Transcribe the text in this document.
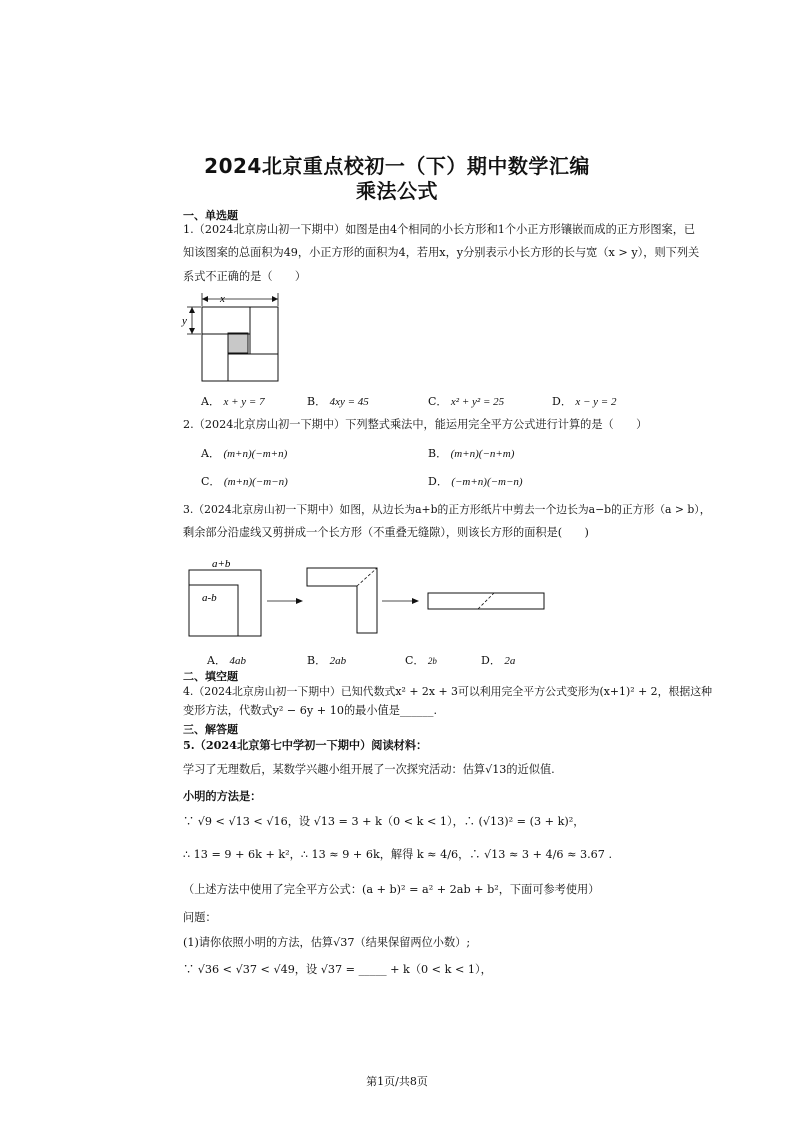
2024北京重点校初一（下）期中数学汇编
乘法公式
一、单选题
1.（2024北京房山初一下期中）如图是由4个相同的小长方形和1个小正方形镶嵌而成的正方形图案，已
知该图案的总面积为49，小正方形的面积为4，若用x，y分别表示小长方形的长与宽（x > y），则下列关
系式不正确的是（　　）
x
y
A． x + y = 7	B． 4xy = 45	C． x² + y² = 25	D． x − y = 2
2.（2024北京房山初一下期中）下列整式乘法中，能运用完全平方公式进行计算的是（　　）
A． (m+n)(−m+n)	B． (m+n)(−n+m)
C． (m+n)(−m−n)	D． (−m+n)(−m−n)
3.（2024北京房山初一下期中）如图，从边长为a+b的正方形纸片中剪去一个边长为a−b的正方形（a > b），
剩余部分沿虚线又剪拼成一个长方形（不重叠无缝隙），则该长方形的面积是(　　)
a+b
a-b
A． 4ab	B． 2ab	C． 2b	D． 2a
二、填空题
4.（2024北京房山初一下期中）已知代数式x² + 2x + 3可以利用完全平方公式变形为(x+1)² + 2，根据这种
变形方法，代数式y² − 6y + 10的最小值是______.
三、解答题
5.（2024北京第七中学初一下期中）阅读材料：
学习了无理数后，某数学兴趣小组开展了一次探究活动：估算√13的近似值.
小明的方法是：
∵ √9 < √13 < √16，设 √13 = 3 + k（0 < k < 1），∴ (√13)² = (3 + k)²，
∴ 13 = 9 + 6k + k²，∴ 13 ≈ 9 + 6k，解得 k ≈ 4/6，∴ √13 ≈ 3 + 4/6 ≈ 3.67 .
（上述方法中使用了完全平方公式：(a + b)² = a² + 2ab + b²，下面可参考使用）
问题：
(1)请你依照小明的方法，估算√37（结果保留两位小数）;
∵ √36 < √37 < √49，设 √37 = _____ + k（0 < k < 1），
第1页/共8页
